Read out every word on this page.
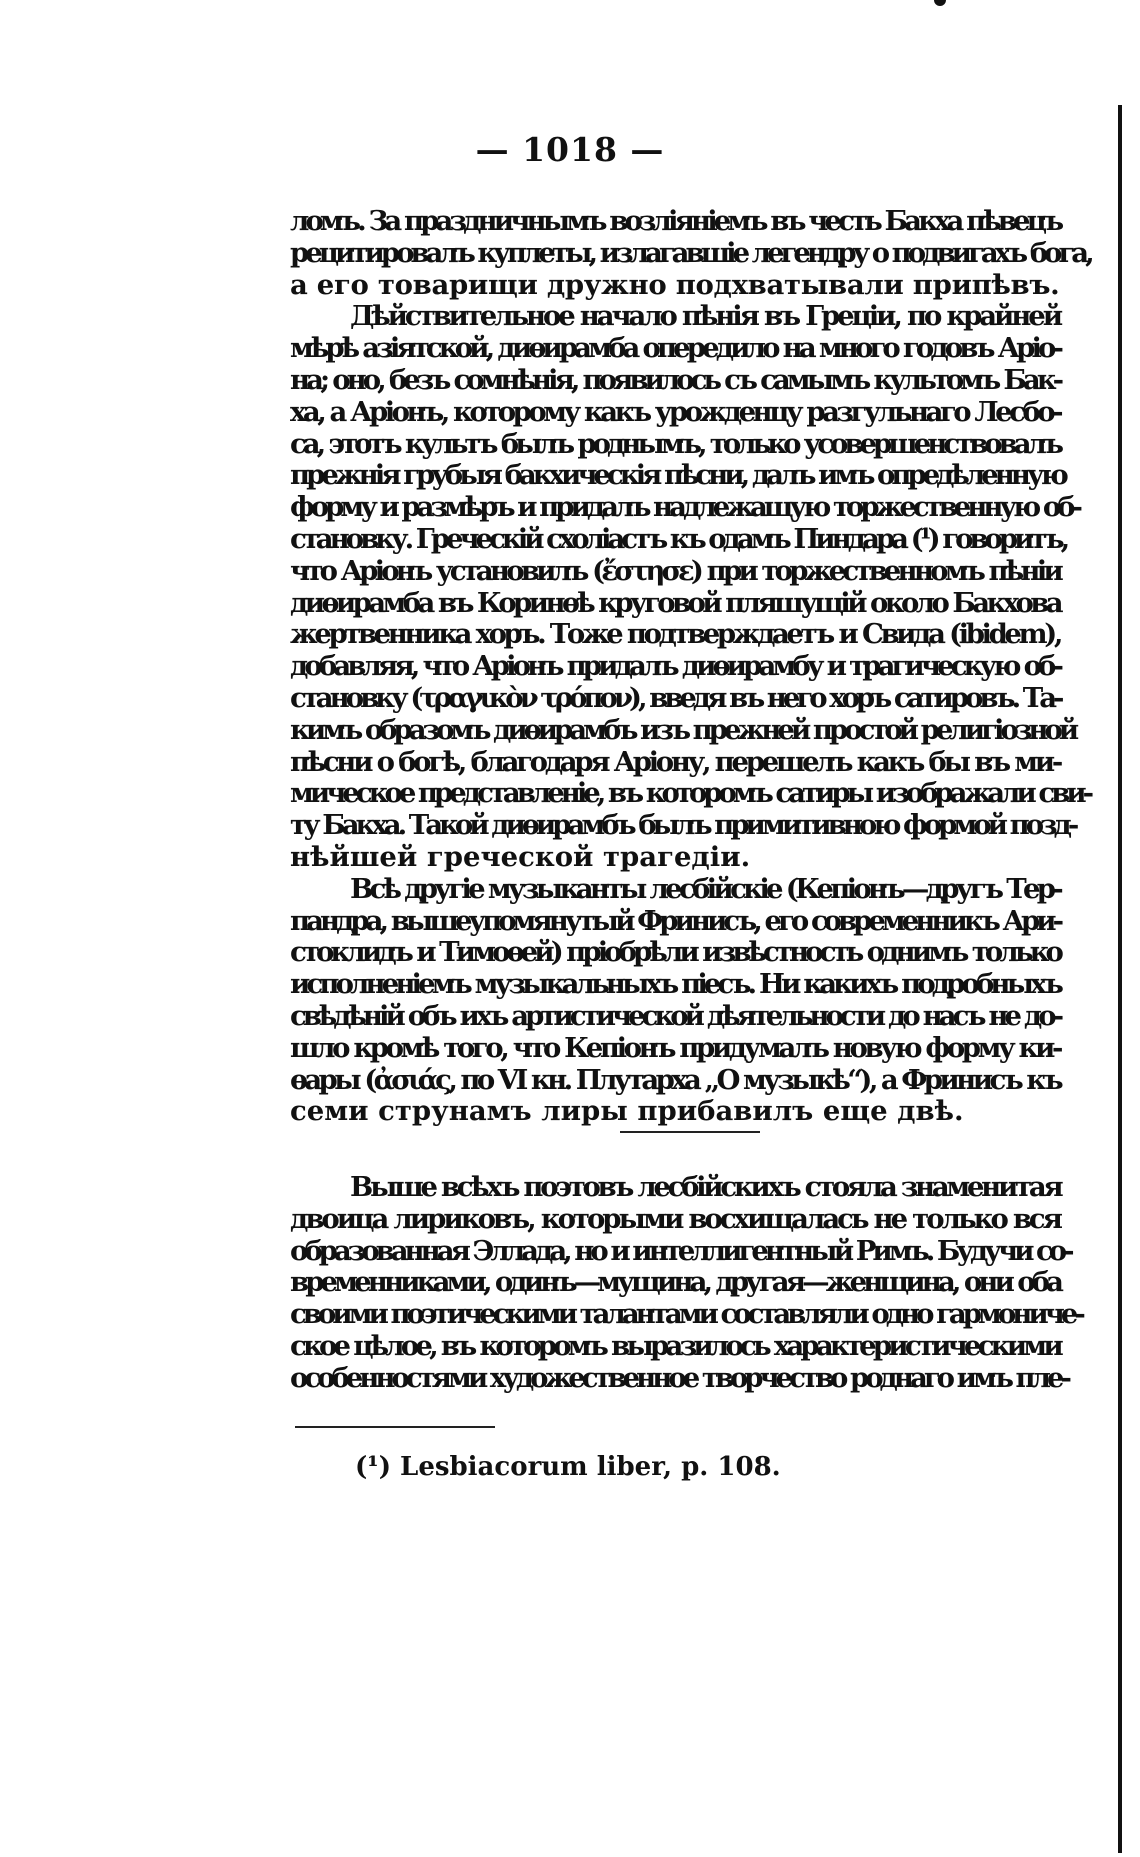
— 1018 —
ломъ. За праздничнымъ возліяніемъ въ честь Бакха пѣвецъ
рецитировалъ куплеты, излагавшіе легендру о подвигахъ бога,
а его товарищи дружно подхватывали припѣвъ.
Дѣйствительное начало пѣнія въ Греціи, по крайней
мѣрѣ азіятской, диѳирамба опередило на много годовъ Аріо-
на; оно, безъ сомнѣнія, появилось съ самымъ культомъ Бак-
ха, а Аріонъ, которому какъ урожденцу разгульнаго Лесбо-
са, этотъ культъ былъ роднымъ, только усовершенствовалъ
прежнія грубыя бакхическія пѣсни, далъ имъ опредѣленную
форму и размѣръ и придалъ надлежащую торжественную об-
становку. Греческій схоліастъ къ одамъ Пиндара (¹) говоритъ,
что Аріонъ установилъ (ἔστησε) при торжественномъ пѣніи
диѳирамба въ Коринѳѣ круговой пляшущій около Бакхова
жертвенника хоръ. Тоже подтверждаетъ и Свида (ibidem),
добавляя, что Аріонъ придалъ диѳирамбу и трагическую об-
становку (τραγικὸν τρόπον), введя въ него хоръ сатировъ. Та-
кимъ образомъ диѳирамбъ изъ прежней простой религіозной
пѣсни о богѣ, благодаря Аріону, перешелъ какъ бы въ ми-
мическое представленіе, въ которомъ сатиры изображали сви-
ту Бакха. Такой диѳирамбъ былъ примитивною формой позд-
нѣйшей греческой трагедіи.
Всѣ другіе музыканты лесбійскіе (Кепіонъ—другъ Тер-
пандра, вышеупомянутый Фринисъ, его современникъ Ари-
стоклидъ и Тимоѳей) пріобрѣли извѣстность однимъ только
исполненіемъ музыкальныхъ піесъ. Ни какихъ подробныхъ
свѣдѣній объ ихъ артистической дѣятельности до насъ не до-
шло кромѣ того, что Кепіонъ придумалъ новую форму ки-
ѳары (ἀσιάς, по VI кн. Плутарха „О музыкѣ“), а Фринисъ къ
семи струнамъ лиры прибавилъ еще двѣ.
Выше всѣхъ поэтовъ лесбійскихъ стояла знаменитая
двоица лириковъ, которыми восхищалась не только вся
образованная Эллада, но и интеллигентный Римъ. Будучи со-
временниками, одинъ—мущина, другая—женщина, они оба
своими поэтическими талантами составляли одно гармониче-
ское цѣлое, въ которомъ выразилось характеристическими
особенностями художественное творчество роднаго имъ пле-
(¹) Lesbiacorum liber, p. 108.
